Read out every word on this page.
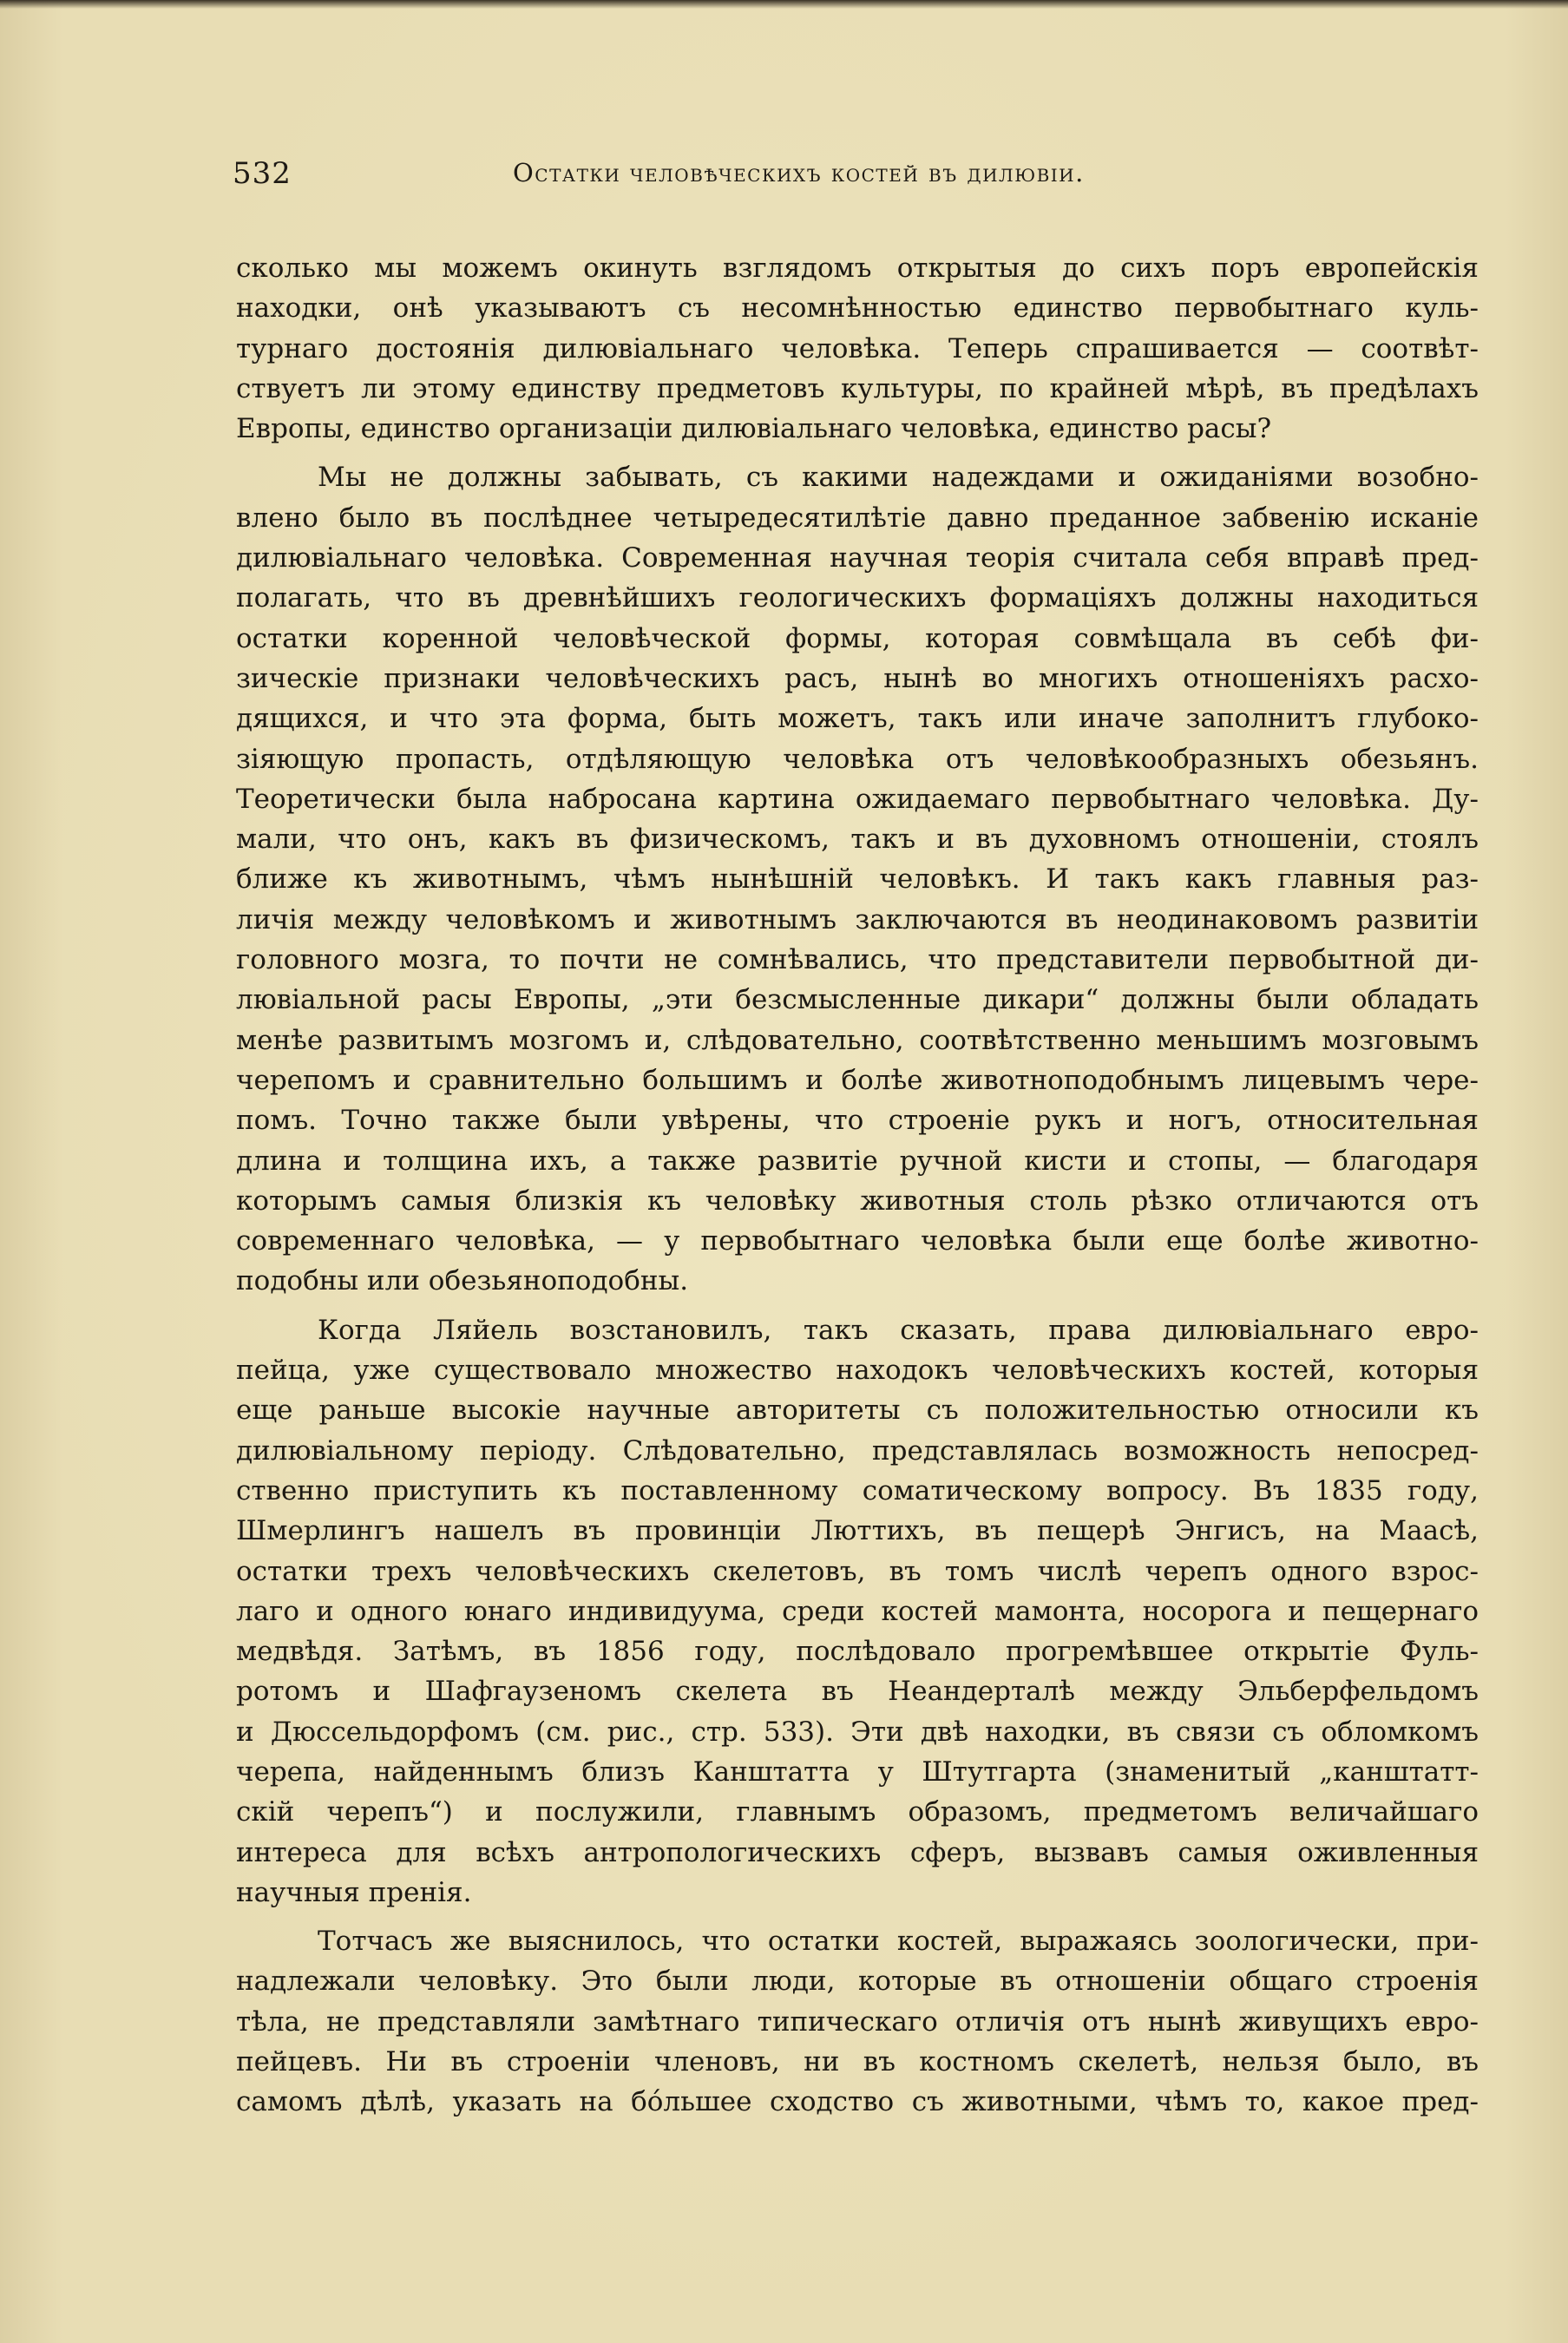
532	Остатки человѣческихъ костей въ дилювіи.
сколько мы можемъ окинуть взглядомъ открытыя до сихъ поръ европейскія
находки, онѣ указываютъ съ несомнѣнностью единство первобытнаго куль-
турнаго достоянія дилювіальнаго человѣка. Теперь спрашивается — соотвѣт-
ствуетъ ли этому единству предметовъ культуры, по крайней мѣрѣ, въ предѣлахъ
Европы, единство организаціи дилювіальнаго человѣка, единство расы?
Мы не должны забывать, съ какими надеждами и ожиданіями возобно-
влено было въ послѣднее четыредесятилѣтіе давно преданное забвенію исканіе
дилювіальнаго человѣка. Современная научная теорія считала себя вправѣ пред-
полагать, что въ древнѣйшихъ геологическихъ формаціяхъ должны находиться
остатки коренной человѣческой формы, которая совмѣщала въ себѣ фи-
зическіе признаки человѣческихъ расъ, нынѣ во многихъ отношеніяхъ расхо-
дящихся, и что эта форма, быть можетъ, такъ или иначе заполнитъ глубоко-
зіяющую пропасть, отдѣляющую человѣка отъ человѣкообразныхъ обезьянъ.
Теоретически была набросана картина ожидаемаго первобытнаго человѣка. Ду-
мали, что онъ, какъ въ физическомъ, такъ и въ духовномъ отношеніи, стоялъ
ближе къ животнымъ, чѣмъ нынѣшній человѣкъ. И такъ какъ главныя раз-
личія между человѣкомъ и животнымъ заключаются въ неодинаковомъ развитіи
головного мозга, то почти не сомнѣвались, что представители первобытной ди-
лювіальной расы Европы, „эти безсмысленные дикари“ должны были обладать
менѣе развитымъ мозгомъ и, слѣдовательно, соотвѣтственно меньшимъ мозговымъ
черепомъ и сравнительно большимъ и болѣе животноподобнымъ лицевымъ чере-
помъ. Точно также были увѣрены, что строеніе рукъ и ногъ, относительная
длина и толщина ихъ, а также развитіе ручной кисти и стопы, — благодаря
которымъ самыя близкія къ человѣку животныя столь рѣзко отличаются отъ
современнаго человѣка, — у первобытнаго человѣка были еще болѣе животно-
подобны или обезьяноподобны.
Когда Ляйель возстановилъ, такъ сказать, права дилювіальнаго евро-
пейца, уже существовало множество находокъ человѣческихъ костей, которыя
еще раньше высокіе научные авторитеты съ положительностью относили къ
дилювіальному періоду. Слѣдовательно, представлялась возможность непосред-
ственно приступить къ поставленному соматическому вопросу. Въ 1835 году,
Шмерлингъ нашелъ въ провинціи Люттихъ, въ пещерѣ Энгисъ, на Маасѣ,
остатки трехъ человѣческихъ скелетовъ, въ томъ числѣ черепъ одного взрос-
лаго и одного юнаго индивидуума, среди костей мамонта, носорога и пещернаго
медвѣдя. Затѣмъ, въ 1856 году, послѣдовало прогремѣвшее открытіе Фуль-
ротомъ и Шафгаузеномъ скелета въ Неандерталѣ между Эльберфельдомъ
и Дюссельдорфомъ (см. рис., стр. 533). Эти двѣ находки, въ связи съ обломкомъ
черепа, найденнымъ близъ Канштатта у Штутгарта (знаменитый „канштатт-
скій черепъ“) и послужили, главнымъ образомъ, предметомъ величайшаго
интереса для всѣхъ антропологическихъ сферъ, вызвавъ самыя оживленныя
научныя пренія.
Тотчасъ же выяснилось, что остатки костей, выражаясь зоологически, при-
надлежали человѣку. Это были люди, которые въ отношеніи общаго строенія
тѣла, не представляли замѣтнаго типическаго отличія отъ нынѣ живущихъ евро-
пейцевъ. Ни въ строеніи членовъ, ни въ костномъ скелетѣ, нельзя было, въ
самомъ дѣлѣ, указать на бо́льшее сходство съ животными, чѣмъ то, какое пред-
